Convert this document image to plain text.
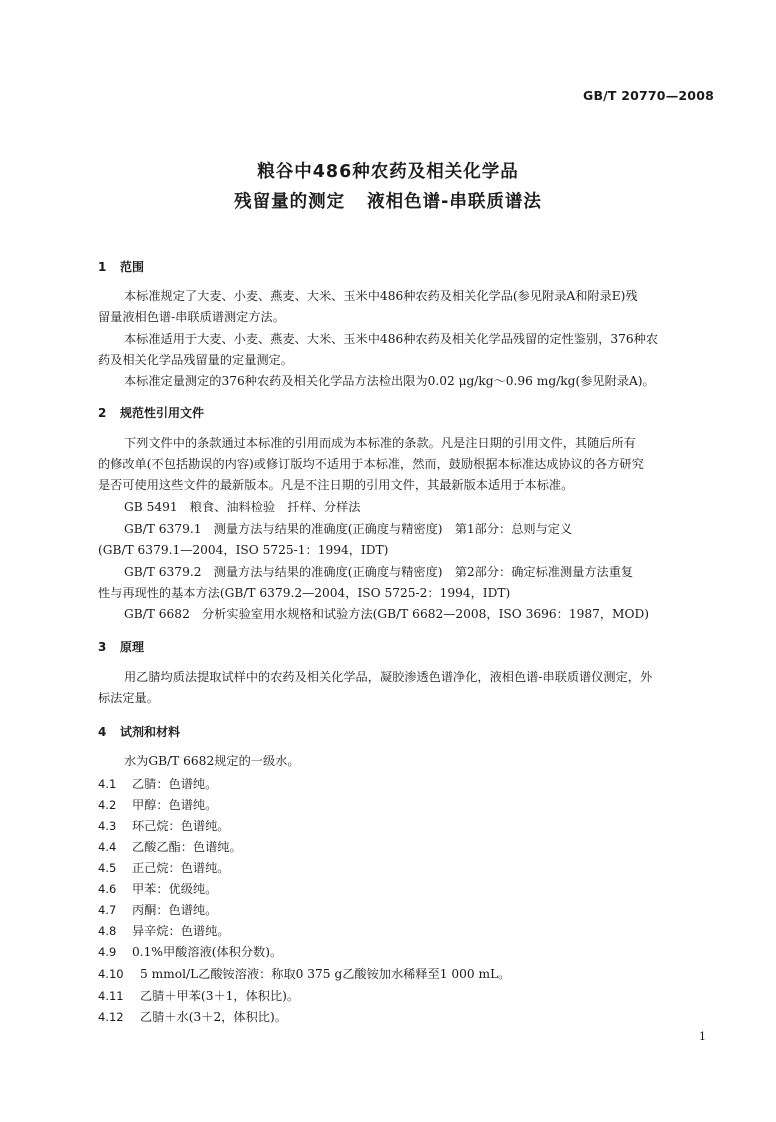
GB/T 20770—2008
粮谷中486种农药及相关化学品
残留量的测定 液相色谱-串联质谱法
1 范围
本标准规定了大麦、小麦、燕麦、大米、玉米中486种农药及相关化学品(参见附录A和附录E)残
留量液相色谱-串联质谱测定方法。
本标准适用于大麦、小麦、燕麦、大米、玉米中486种农药及相关化学品残留的定性鉴别，376种农
药及相关化学品残留量的定量测定。
本标准定量测定的376种农药及相关化学品方法检出限为0.02 μg/kg～0.96 mg/kg(参见附录A)。
2 规范性引用文件
下列文件中的条款通过本标准的引用而成为本标准的条款。凡是注日期的引用文件，其随后所有
的修改单(不包括勘误的内容)或修订版均不适用于本标准，然而，鼓励根据本标准达成协议的各方研究
是否可使用这些文件的最新版本。凡是不注日期的引用文件，其最新版本适用于本标准。
GB 5491　粮食、油料检验　扦样、分样法
GB/T 6379.1　测量方法与结果的准确度(正确度与精密度)　第1部分：总则与定义
(GB/T 6379.1—2004，ISO 5725-1：1994，IDT)
GB/T 6379.2　测量方法与结果的准确度(正确度与精密度)　第2部分：确定标准测量方法重复
性与再现性的基本方法(GB/T 6379.2—2004，ISO 5725-2：1994，IDT)
GB/T 6682　分析实验室用水规格和试验方法(GB/T 6682—2008，ISO 3696：1987，MOD)
3 原理
用乙腈均质法提取试样中的农药及相关化学品，凝胶渗透色谱净化，液相色谱-串联质谱仪测定，外
标法定量。
4 试剂和材料
水为GB/T 6682规定的一级水。
4.1 乙腈：色谱纯。
4.2 甲醇：色谱纯。
4.3 环己烷：色谱纯。
4.4 乙酸乙酯：色谱纯。
4.5 正己烷：色谱纯。
4.6 甲苯：优级纯。
4.7 丙酮：色谱纯。
4.8 异辛烷：色谱纯。
4.9 0.1%甲酸溶液(体积分数)。
4.10 5 mmol/L乙酸铵溶液：称取0 375 g乙酸铵加水稀释至1 000 mL。
4.11 乙腈＋甲苯(3＋1，体积比)。
4.12 乙腈＋水(3＋2，体积比)。
1
